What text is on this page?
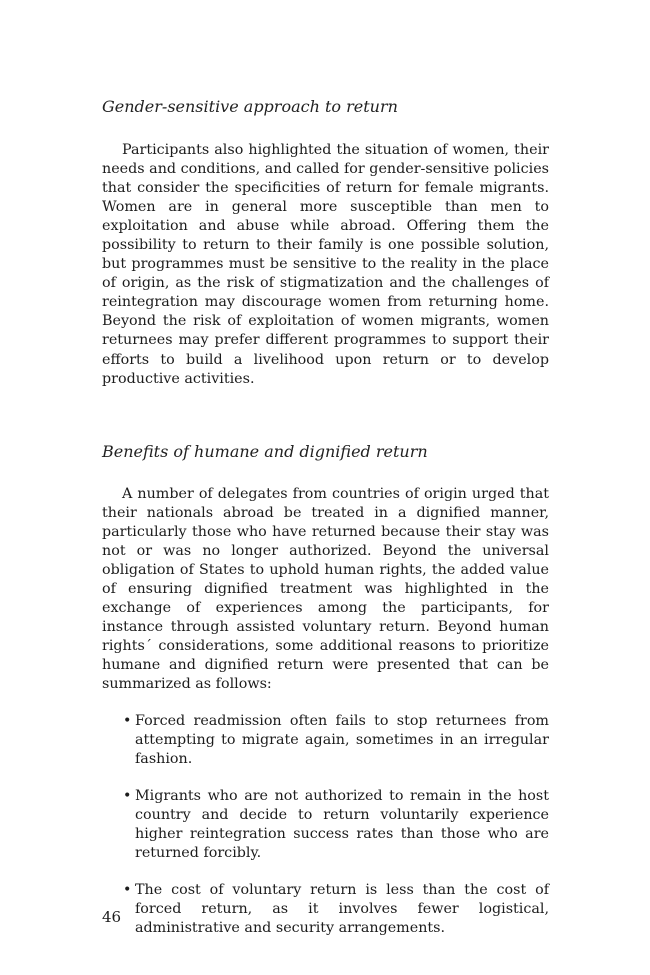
Gender-sensitive approach to return

Participants also highlighted the situation of women, their needs and conditions, and called for gender-sensitive policies that consider the specificities of return for female migrants. Women are in general more susceptible than men to exploitation and abuse while abroad. Offering them the possibility to return to their family is one possible solution, but programmes must be sensitive to the reality in the place of origin, as the risk of stigmatization and the challenges of reintegration may discourage women from returning home. Beyond the risk of exploitation of women migrants, women returnees may prefer different programmes to support their efforts to build a livelihood upon return or to develop productive activities.

Benefits of humane and dignified return

A number of delegates from countries of origin urged that their nationals abroad be treated in a dignified manner, particularly those who have returned because their stay was not or was no longer authorized. Beyond the universal obligation of States to uphold human rights, the added value of ensuring dignified treatment was highlighted in the exchange of experiences among the participants, for instance through assisted voluntary return. Beyond human rights´ considerations, some additional reasons to prioritize humane and dignified return were presented that can be summarized as follows:

• Forced readmission often fails to stop returnees from attempting to migrate again, sometimes in an irregular fashion.
• Migrants who are not authorized to remain in the host country and decide to return voluntarily experience higher reintegration success rates than those who are returned forcibly.
• The cost of voluntary return is less than the cost of forced return, as it involves fewer logistical, administrative and security arrangements.
46
